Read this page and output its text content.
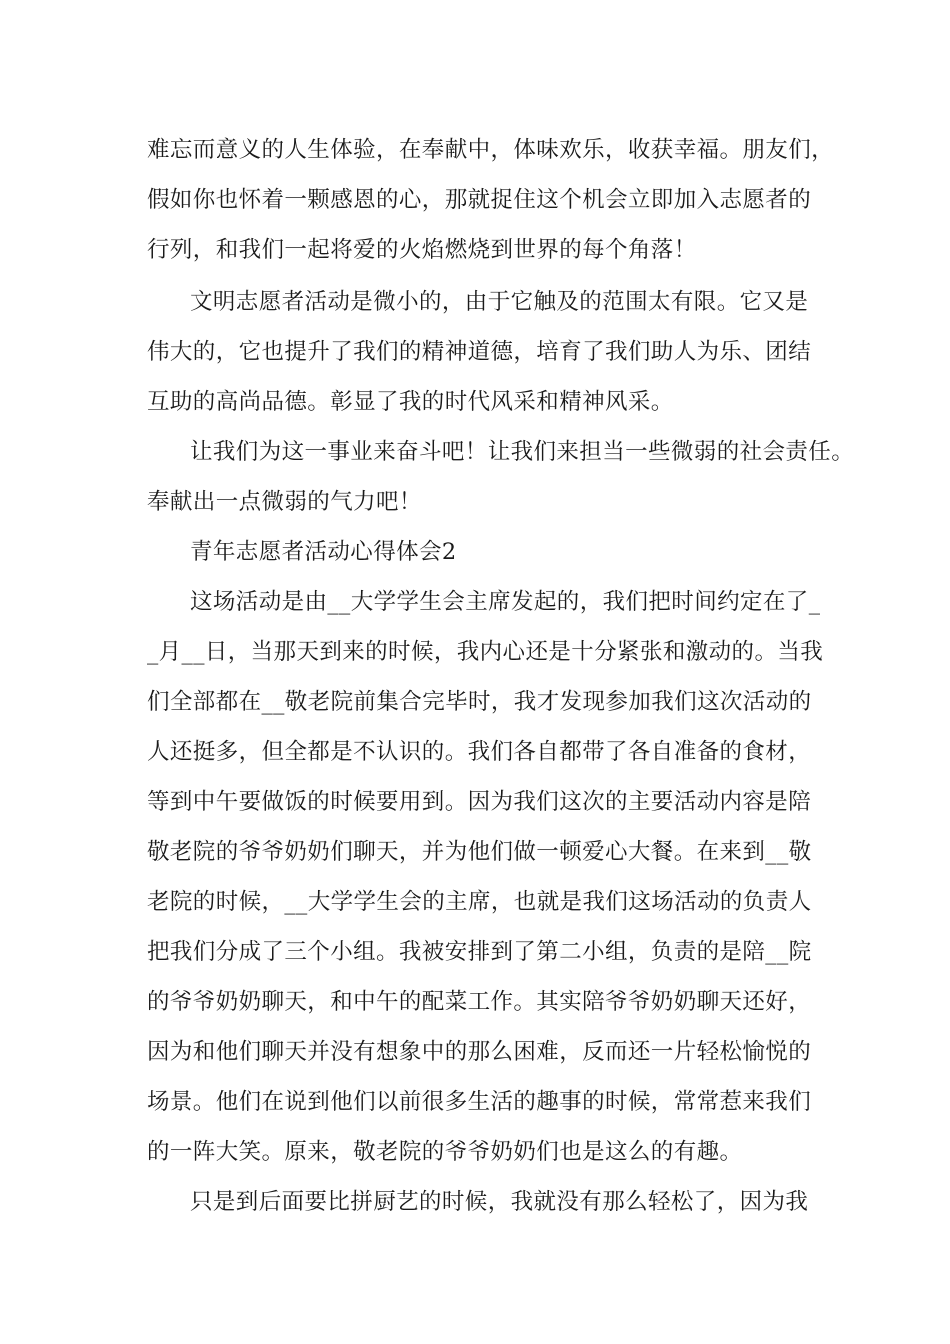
难忘而意义的人生体验，在奉献中，体味欢乐，收获幸福。朋友们，
假如你也怀着一颗感恩的心，那就捉住这个机会立即加入志愿者的
行列，和我们一起将爱的火焰燃烧到世界的每个角落！
文明志愿者活动是微小的，由于它触及的范围太有限。它又是
伟大的，它也提升了我们的精神道德，培育了我们助人为乐、团结
互助的高尚品德。彰显了我的时代风采和精神风采。
让我们为这一事业来奋斗吧！让我们来担当一些微弱的社会责任。
奉献出一点微弱的气力吧！
青年志愿者活动心得体会2
这场活动是由__大学学生会主席发起的，我们把时间约定在了_
_月__日，当那天到来的时候，我内心还是十分紧张和激动的。当我
们全部都在__敬老院前集合完毕时，我才发现参加我们这次活动的
人还挺多，但全都是不认识的。我们各自都带了各自准备的食材，
等到中午要做饭的时候要用到。因为我们这次的主要活动内容是陪
敬老院的爷爷奶奶们聊天，并为他们做一顿爱心大餐。在来到__敬
老院的时候，__大学学生会的主席，也就是我们这场活动的负责人
把我们分成了三个小组。我被安排到了第二小组，负责的是陪__院
的爷爷奶奶聊天，和中午的配菜工作。其实陪爷爷奶奶聊天还好，
因为和他们聊天并没有想象中的那么困难，反而还一片轻松愉悦的
场景。他们在说到他们以前很多生活的趣事的时候，常常惹来我们
的一阵大笑。原来，敬老院的爷爷奶奶们也是这么的有趣。
只是到后面要比拼厨艺的时候，我就没有那么轻松了，因为我
